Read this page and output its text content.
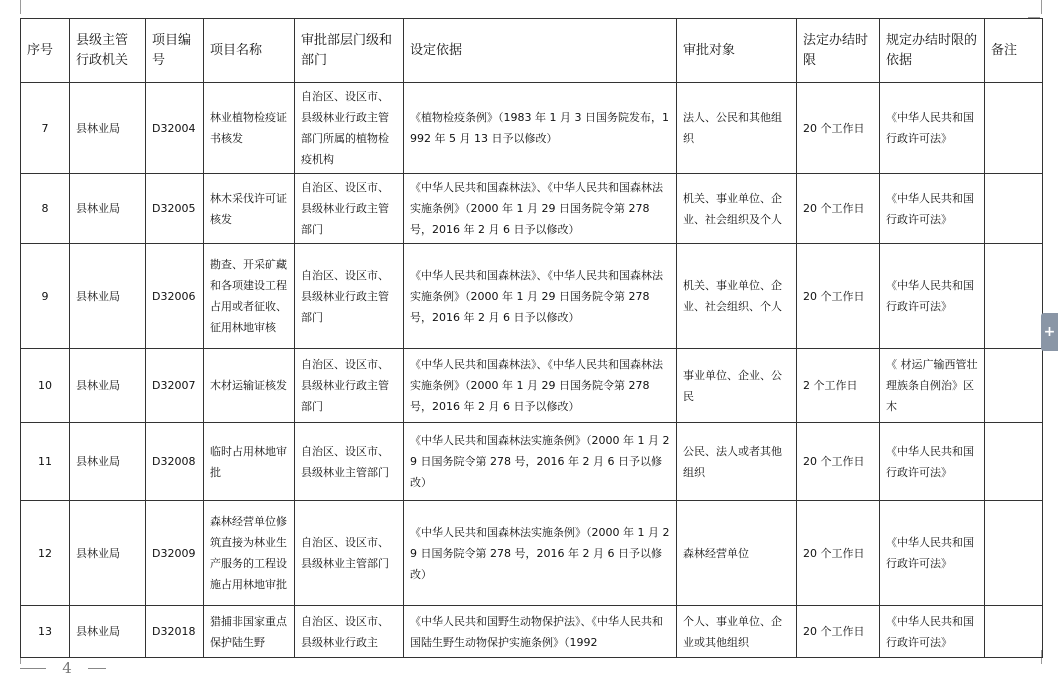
序号	县级主管行政机关	项目编号	项目名称	审批部层门级和部门	设定依据	审批对象	法定办结时限	规定办结时限的依据	备注
7	县林业局	D32004	林业植物检疫证书核发	自治区、设区市、县级林业行政主管部门所属的植物检疫机构	《植物检疫条例》（1983 年 1 月 3 日国务院发布，1992 年 5 月 13 日予以修改）	法人、公民和其他组织	20 个工作日	《中华人民共和国行政许可法》	
8	县林业局	D32005	林木采伐许可证核发	自治区、设区市、县级林业行政主管部门	《中华人民共和国森林法》、《中华人民共和国森林法实施条例》（2000 年 1 月 29 日国务院令第 278 号，2016 年 2 月 6 日予以修改）	机关、事业单位、企业、社会组织及个人	20 个工作日	《中华人民共和国行政许可法》	
9	县林业局	D32006	勘查、开采矿藏和各项建设工程占用或者征收、征用林地审核	自治区、设区市、县级林业行政主管部门	《中华人民共和国森林法》、《中华人民共和国森林法实施条例》（2000 年 1 月 29 日国务院令第 278 号，2016 年 2 月 6 日予以修改）	机关、事业单位、企业、社会组织、个人	20 个工作日	《中华人民共和国行政许可法》	
10	县林业局	D32007	木材运输证核发	自治区、设区市、县级林业行政主管部门	《中华人民共和国森林法》、《中华人民共和国森林法实施条例》（2000 年 1 月 29 日国务院令第 278 号，2016 年 2 月 6 日予以修改）	事业单位、企业、公民	2 个工作日	《 材运广输西管壮理族条自例治》区木	
11	县林业局	D32008	临时占用林地审批	自治区、设区市、县级林业主管部门	《中华人民共和国森林法实施条例》（2000 年 1 月 29 日国务院令第 278 号，2016 年 2 月 6 日予以修改）	公民、法人或者其他组织	20 个工作日	《中华人民共和国行政许可法》	
12	县林业局	D32009	森林经营单位修筑直接为林业生产服务的工程设施占用林地审批	自治区、设区市、县级林业主管部门	《中华人民共和国森林法实施条例》（2000 年 1 月 29 日国务院令第 278 号，2016 年 2 月 6 日予以修改）	森林经营单位	20 个工作日	《中华人民共和国行政许可法》	
13	县林业局	D32018	猎捕非国家重点保护陆生野	自治区、设区市、县级林业行政主	《中华人民共和国野生动物保护法》、《中华人民共和国陆生野生动物保护实施条例》（1992	个人、事业单位、企业或其他组织	20 个工作日	《中华人民共和国行政许可法》	
+
4
